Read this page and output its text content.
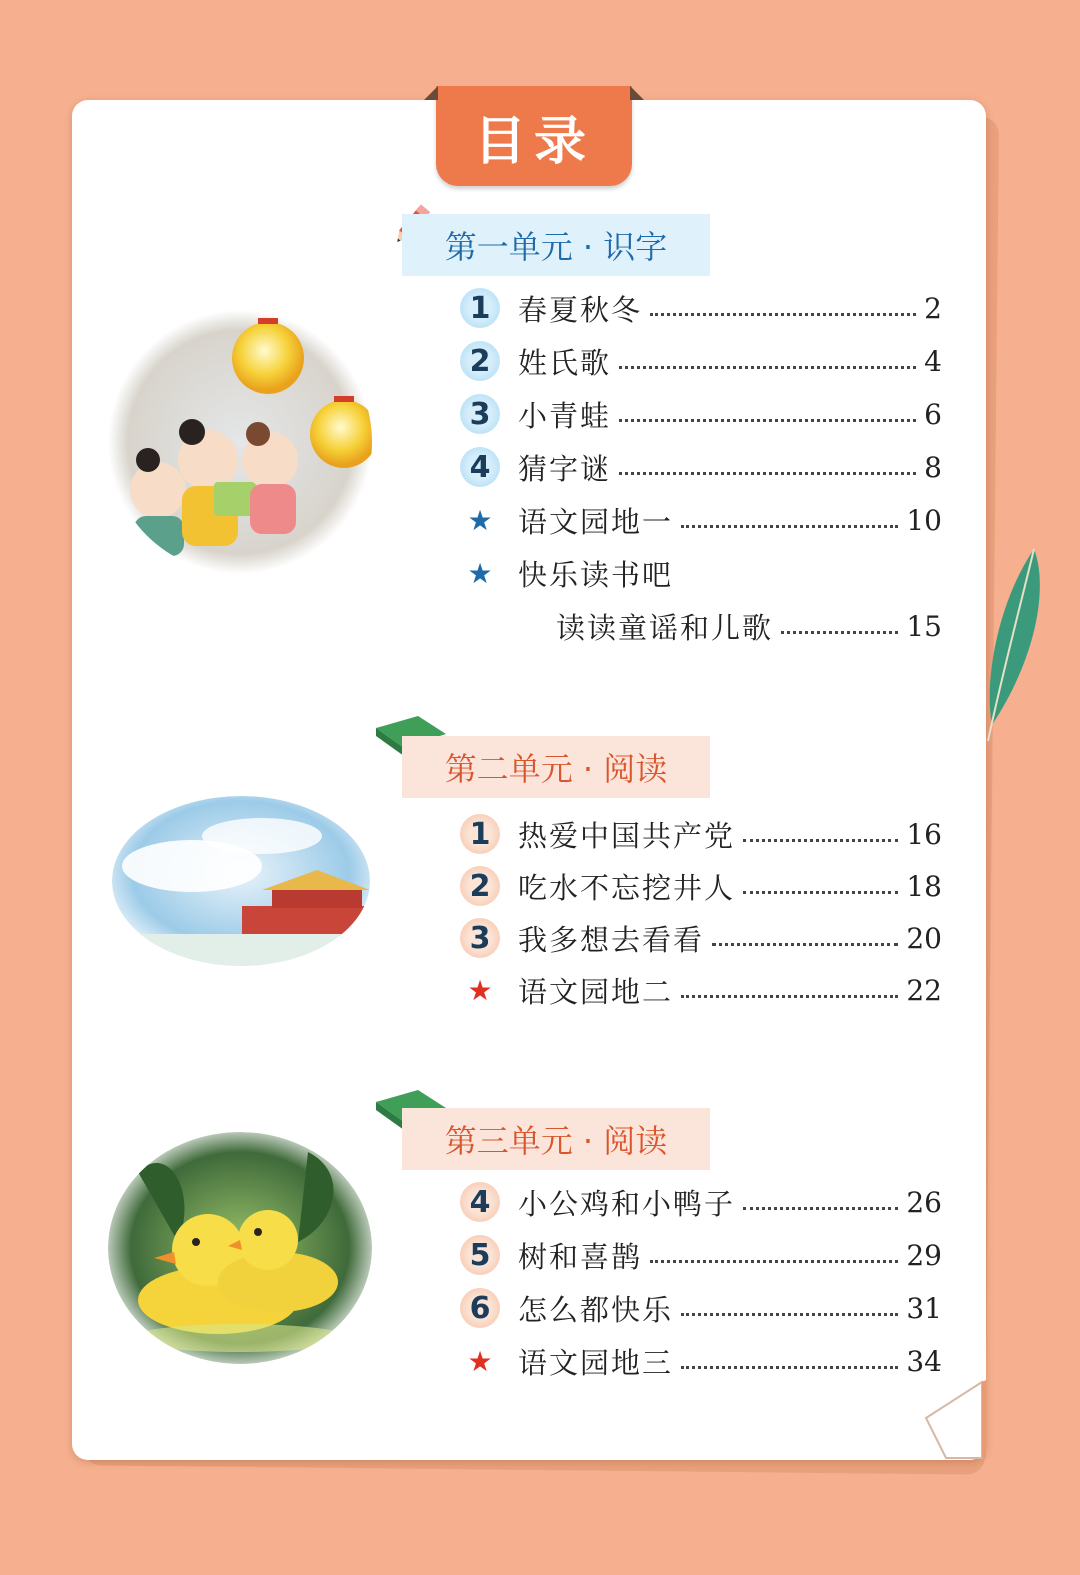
目录
第一单元 · 识字
第二单元 · 阅读
第三单元 · 阅读
1 春夏秋冬	2
2 姓氏歌	4
3 小青蛙	6
4 猜字谜	8
★ 语文园地一	10
★ 快乐读书吧
读读童谣和儿歌	15
1 热爱中国共产党	16
2 吃水不忘挖井人	18
3 我多想去看看	20
★ 语文园地二	22
4 小公鸡和小鸭子	26
5 树和喜鹊	29
6 怎么都快乐	31
★ 语文园地三	34
